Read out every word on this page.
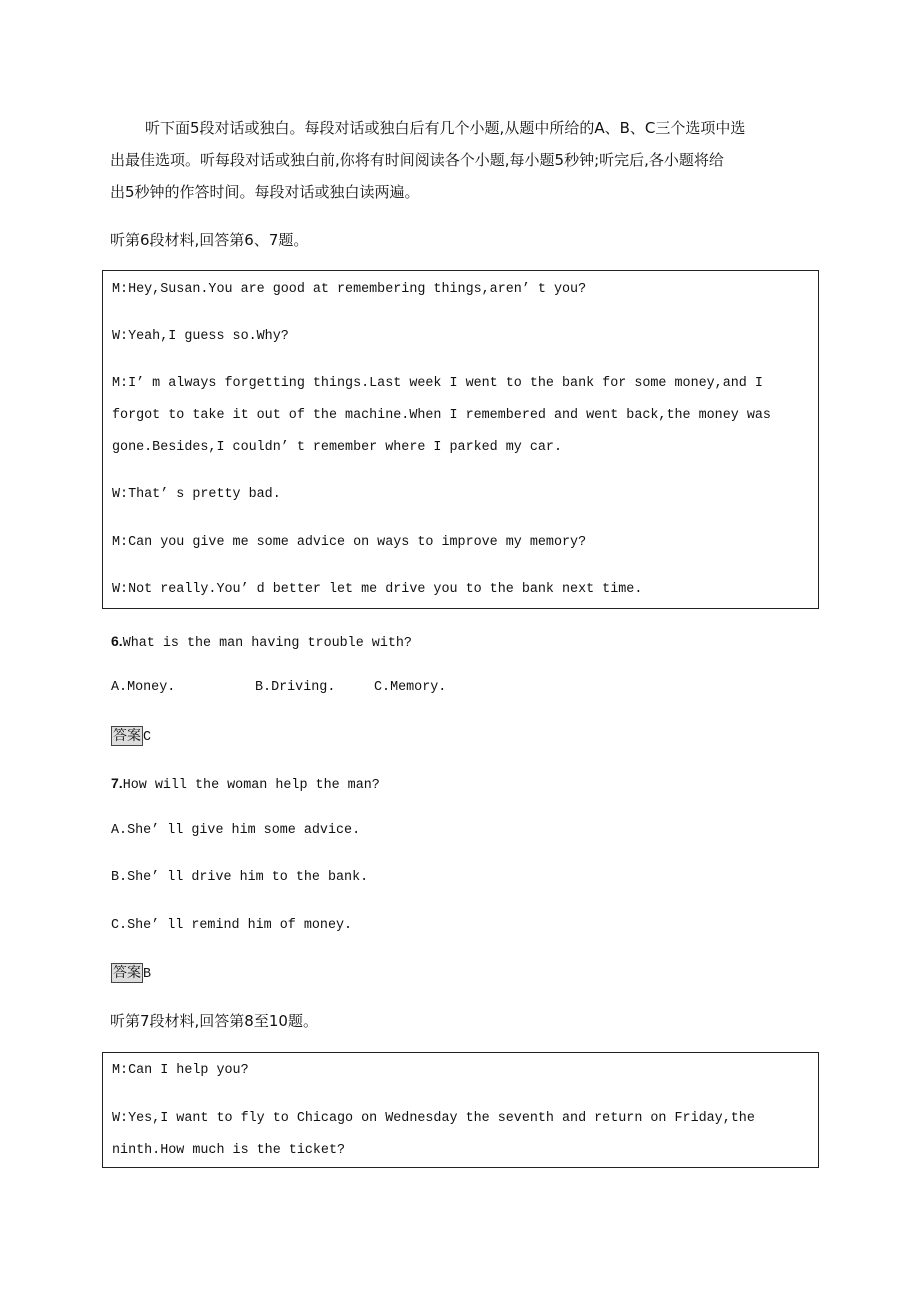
听下面5段对话或独白。每段对话或独白后有几个小题,从题中所给的A、B、C三个选项中选
出最佳选项。听每段对话或独白前,你将有时间阅读各个小题,每小题5秒钟;听完后,各小题将给
出5秒钟的作答时间。每段对话或独白读两遍。
听第6段材料,回答第6、7题。
M:Hey,Susan.You are good at remembering things,aren’ t you?
W:Yeah,I guess so.Why?
M:I’ m always forgetting things.Last week I went to the bank for some money,and I
forgot to take it out of the machine.When I remembered and went back,the money was
gone.Besides,I couldn’ t remember where I parked my car.
W:That’ s pretty bad.
M:Can you give me some advice on ways to improve my memory?
W:Not really.You’ d better let me drive you to the bank next time.
6.What is the man having trouble with?
A.Money.	B.Driving.	C.Memory.
答案 C
7.How will the woman help the man?
A.She’ ll give him some advice.
B.She’ ll drive him to the bank.
C.She’ ll remind him of money.
答案 B
听第7段材料,回答第8至10题。
M:Can I help you?
W:Yes,I want to fly to Chicago on Wednesday the seventh and return on Friday,the
ninth.How much is the ticket?
